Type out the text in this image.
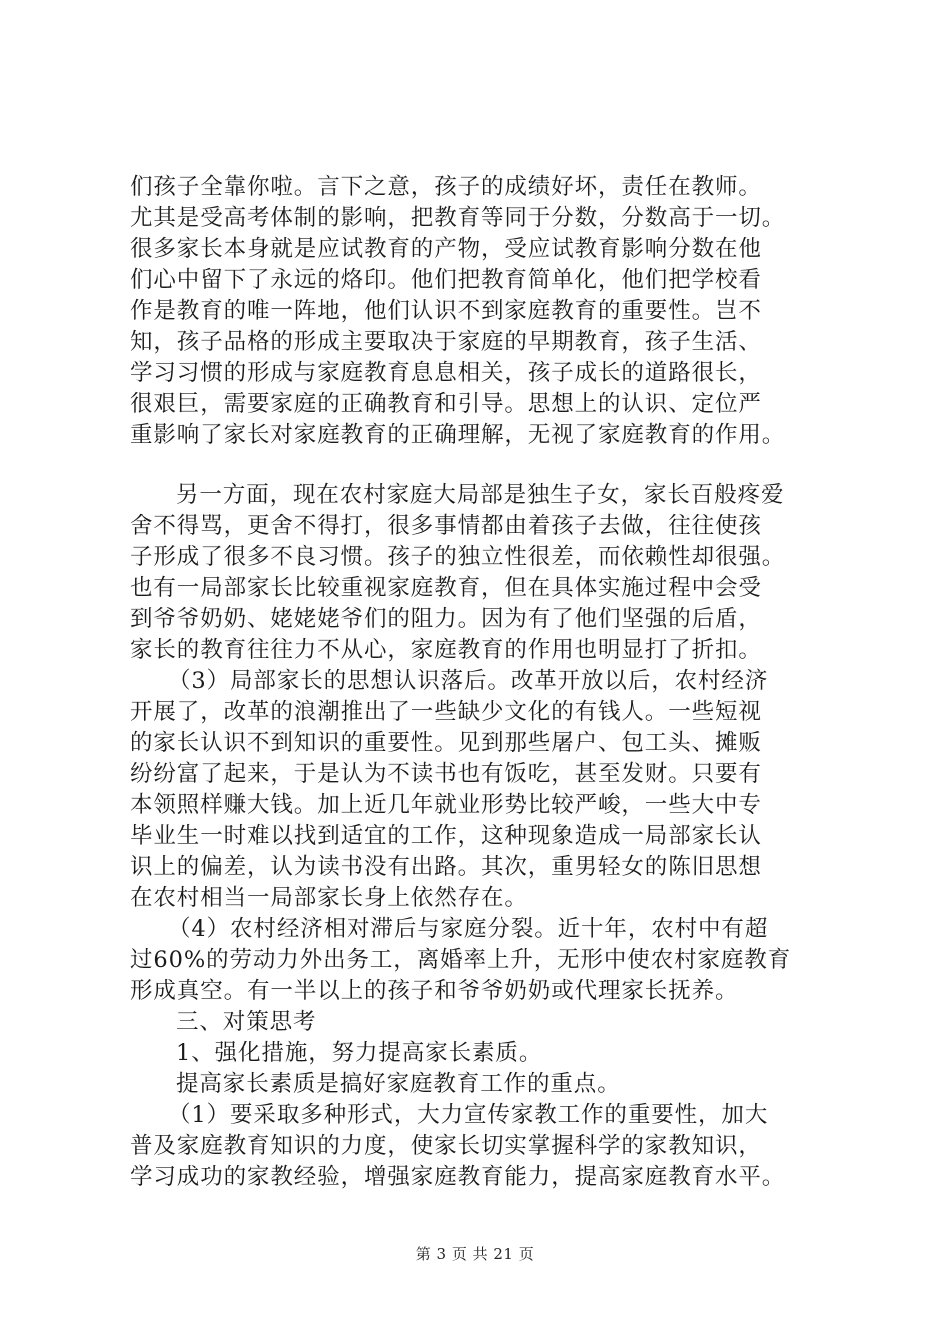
们孩子全靠你啦。言下之意，孩子的成绩好坏，责任在教师。
尤其是受高考体制的影响，把教育等同于分数，分数高于一切。
很多家长本身就是应试教育的产物，受应试教育影响分数在他
们心中留下了永远的烙印。他们把教育简单化，他们把学校看
作是教育的唯一阵地，他们认识不到家庭教育的重要性。岂不
知，孩子品格的形成主要取决于家庭的早期教育，孩子生活、
学习习惯的形成与家庭教育息息相关，孩子成长的道路很长，
很艰巨，需要家庭的正确教育和引导。思想上的认识、定位严
重影响了家长对家庭教育的正确理解，无视了家庭教育的作用。
另一方面，现在农村家庭大局部是独生子女，家长百般疼爱
舍不得骂，更舍不得打，很多事情都由着孩子去做，往往使孩
子形成了很多不良习惯。孩子的独立性很差，而依赖性却很强。
也有一局部家长比较重视家庭教育，但在具体实施过程中会受
到爷爷奶奶、姥姥姥爷们的阻力。因为有了他们坚强的后盾，
家长的教育往往力不从心，家庭教育的作用也明显打了折扣。
（3）局部家长的思想认识落后。改革开放以后，农村经济
开展了，改革的浪潮推出了一些缺少文化的有钱人。一些短视
的家长认识不到知识的重要性。见到那些屠户、包工头、摊贩
纷纷富了起来，于是认为不读书也有饭吃，甚至发财。只要有
本领照样赚大钱。加上近几年就业形势比较严峻，一些大中专
毕业生一时难以找到适宜的工作，这种现象造成一局部家长认
识上的偏差，认为读书没有出路。其次，重男轻女的陈旧思想
在农村相当一局部家长身上依然存在。
（4）农村经济相对滞后与家庭分裂。近十年，农村中有超
过60%的劳动力外出务工，离婚率上升，无形中使农村家庭教育
形成真空。有一半以上的孩子和爷爷奶奶或代理家长抚养。
三、对策思考
1、强化措施，努力提高家长素质。
提高家长素质是搞好家庭教育工作的重点。
（1）要采取多种形式，大力宣传家教工作的重要性，加大
普及家庭教育知识的力度，使家长切实掌握科学的家教知识，
学习成功的家教经验，增强家庭教育能力，提高家庭教育水平。
第 3 页 共 21 页
